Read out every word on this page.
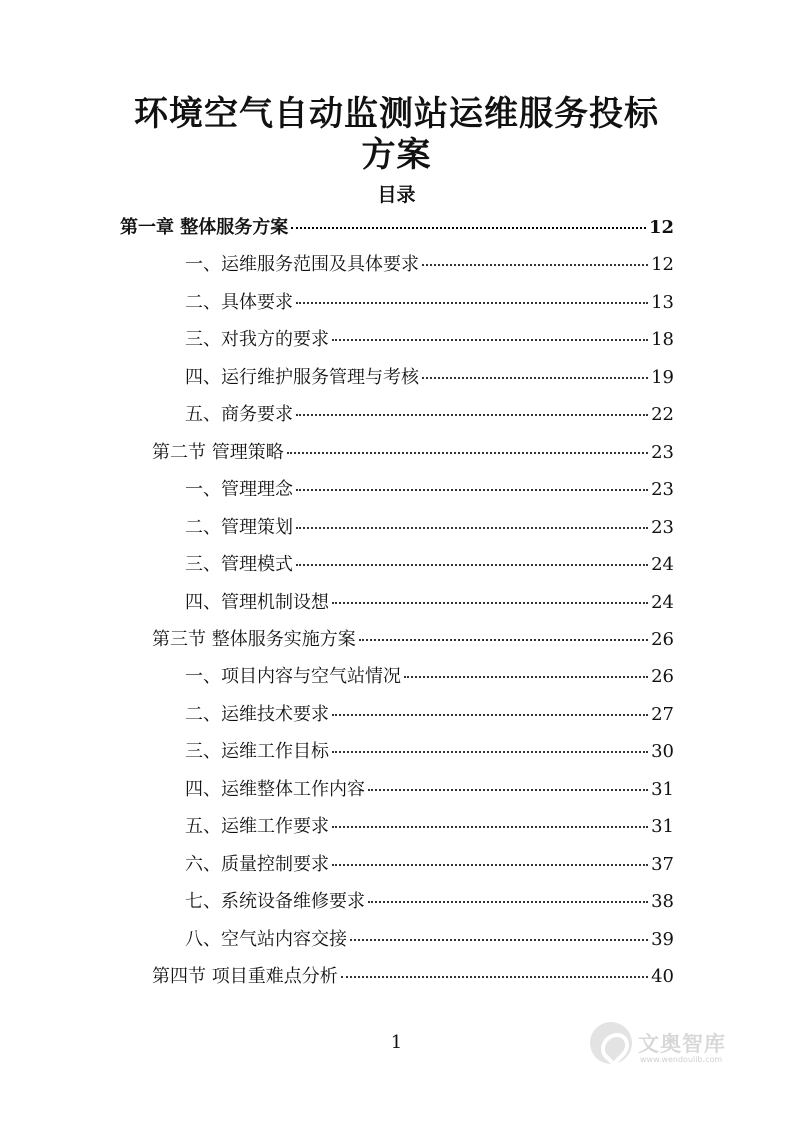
环境空气自动监测站运维服务投标
方案
目录
第一章 整体服务方案	12
一、运维服务范围及具体要求	12
二、具体要求	13
三、对我方的要求	18
四、运行维护服务管理与考核	19
五、商务要求	22
第二节 管理策略	23
一、管理理念	23
二、管理策划	23
三、管理模式	24
四、管理机制设想	24
第三节 整体服务实施方案	26
一、项目内容与空气站情况	26
二、运维技术要求	27
三、运维工作目标	30
四、运维整体工作内容	31
五、运维工作要求	31
六、质量控制要求	37
七、系统设备维修要求	38
八、空气站内容交接	39
第四节 项目重难点分析	40
1	文奥智库
www.wendoulib.com
